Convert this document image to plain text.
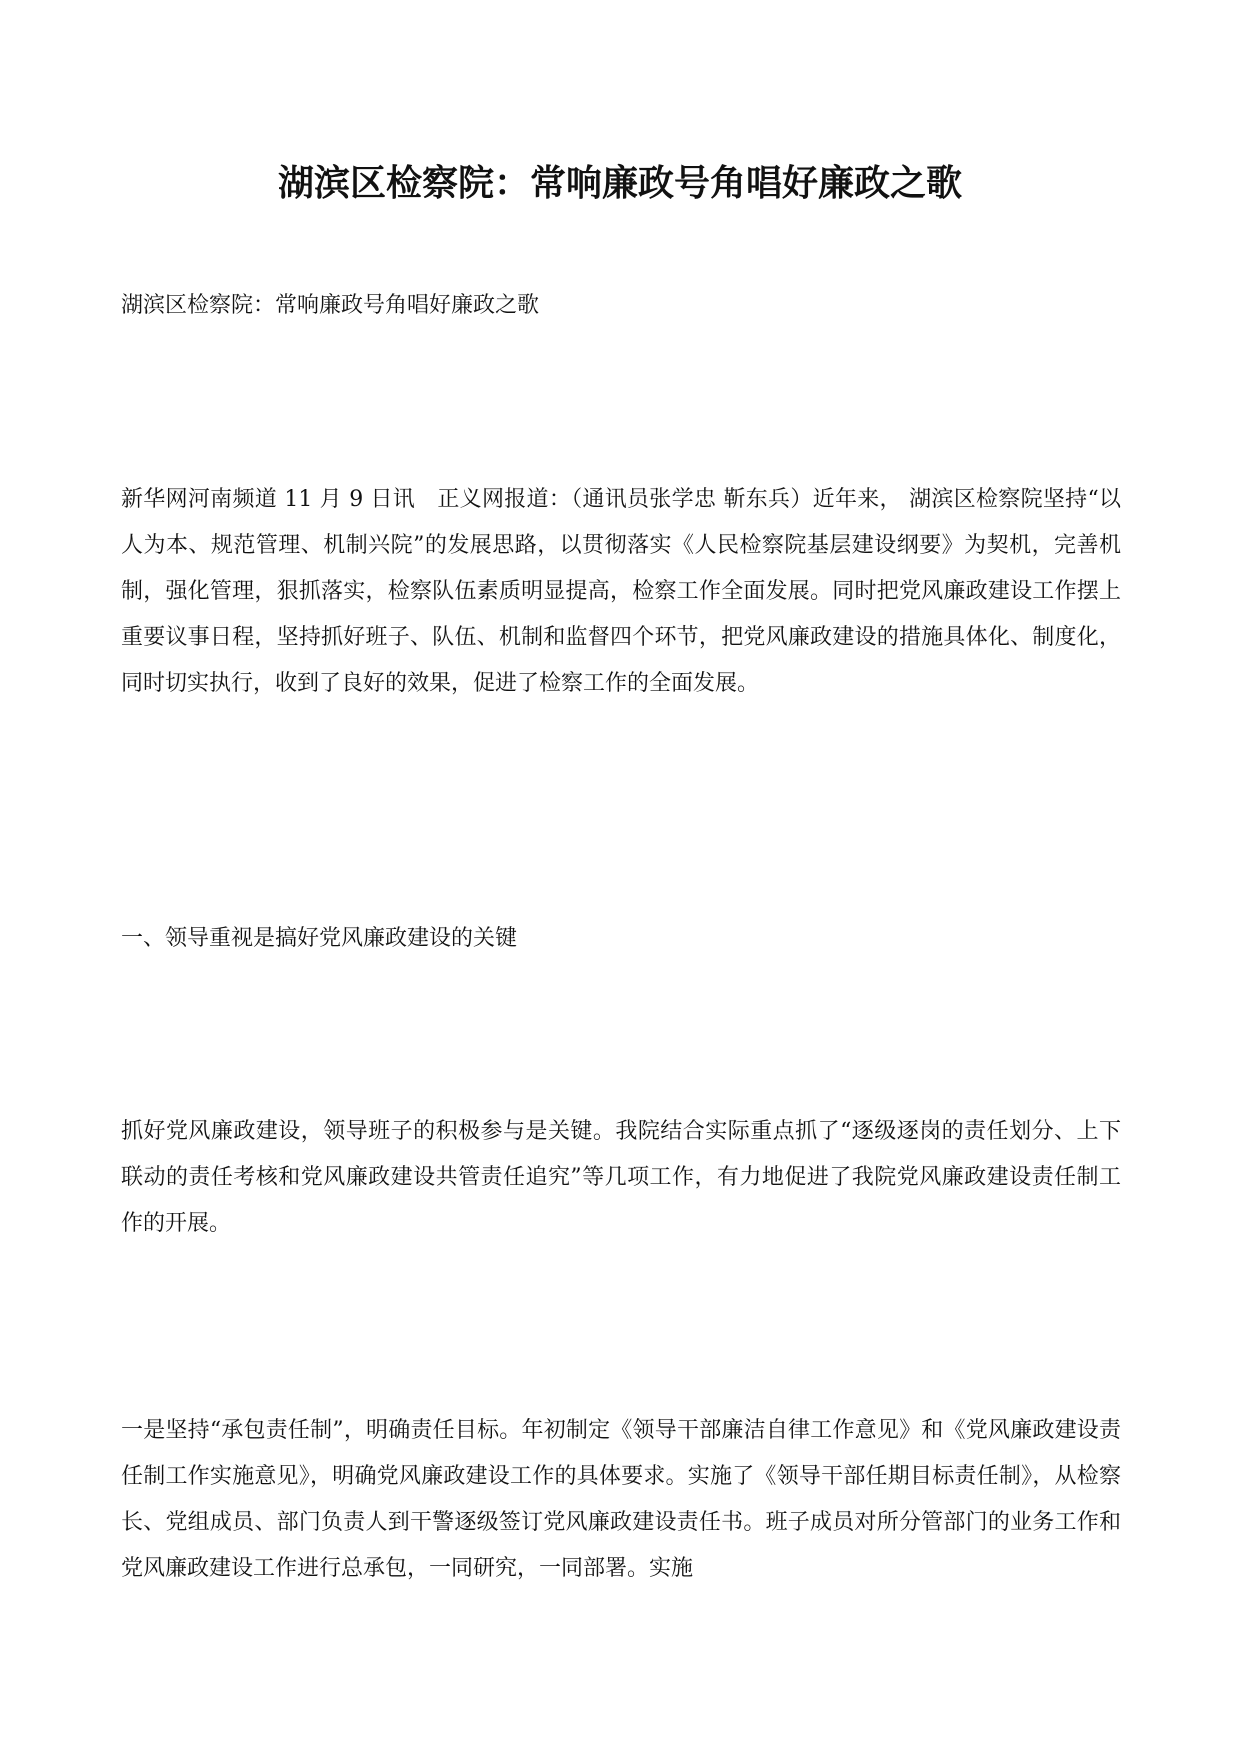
湖滨区检察院：常响廉政号角唱好廉政之歌

湖滨区检察院：常响廉政号角唱好廉政之歌

新华网河南频道 11 月 9 日讯　正义网报道：（通讯员张学忠 靳东兵）近年来， 湖滨区检察院坚持“以人为本、规范管理、机制兴院”的发展思路，以贯彻落实《人民检察院基层建设纲要》为契机，完善机制，强化管理，狠抓落实，检察队伍素质明显提高，检察工作全面发展。同时把党风廉政建设工作摆上重要议事日程，坚持抓好班子、队伍、机制和监督四个环节，把党风廉政建设的措施具体化、制度化，同时切实执行，收到了良好的效果，促进了检察工作的全面发展。

一、领导重视是搞好党风廉政建设的关键

抓好党风廉政建设，领导班子的积极参与是关键。我院结合实际重点抓了“逐级逐岗的责任划分、上下联动的责任考核和党风廉政建设共管责任追究”等几项工作，有力地促进了我院党风廉政建设责任制工作的开展。

一是坚持“承包责任制”，明确责任目标。年初制定《领导干部廉洁自律工作意见》和《党风廉政建设责任制工作实施意见》，明确党风廉政建设工作的具体要求。实施了《领导干部任期目标责任制》，从检察长、党组成员、部门负责人到干警逐级签订党风廉政建设责任书。班子成员对所分管部门的业务工作和党风廉政建设工作进行总承包，一同研究，一同部署。实施
